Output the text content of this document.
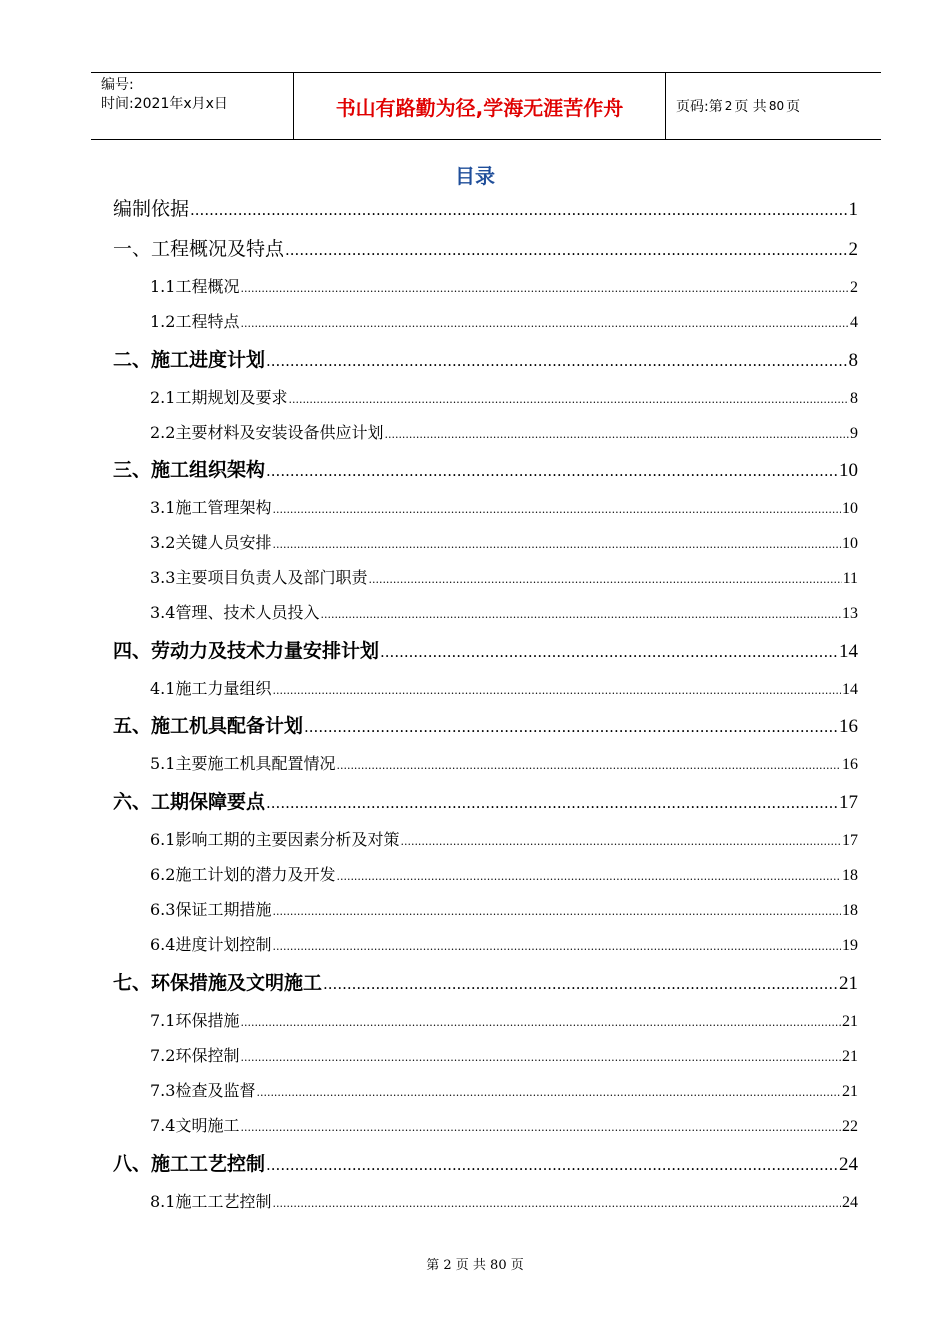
编号:
时间:2021年x月x日	书山有路勤为径,学海无涯苦作舟	页码:第 2 页 共 80 页
目录
编制依据 .....	1
一、工程概况及特点 .....	2
1.1工程概况 .....	2
1.2工程特点 .....	4
二、施工进度计划 .....	8
2.1工期规划及要求 .....	8
2.2主要材料及安装设备供应计划 .....	9
三、施工组织架构 .....	10
3.1施工管理架构 .....	10
3.2关键人员安排 .....	10
3.3主要项目负责人及部门职责 .....	11
3.4管理、技术人员投入 .....	13
四、劳动力及技术力量安排计划 .....	14
4.1施工力量组织 .....	14
五、施工机具配备计划 .....	16
5.1主要施工机具配置情况 .....	16
六、工期保障要点 .....	17
6.1影响工期的主要因素分析及对策 .....	17
6.2施工计划的潜力及开发 .....	18
6.3保证工期措施 .....	18
6.4进度计划控制 .....	19
七、环保措施及文明施工 .....	21
7.1环保措施 .....	21
7.2环保控制 .....	21
7.3检查及监督 .....	21
7.4文明施工 .....	22
八、施工工艺控制 .....	24
8.1施工工艺控制 .....	24
第 2 页 共 80 页
